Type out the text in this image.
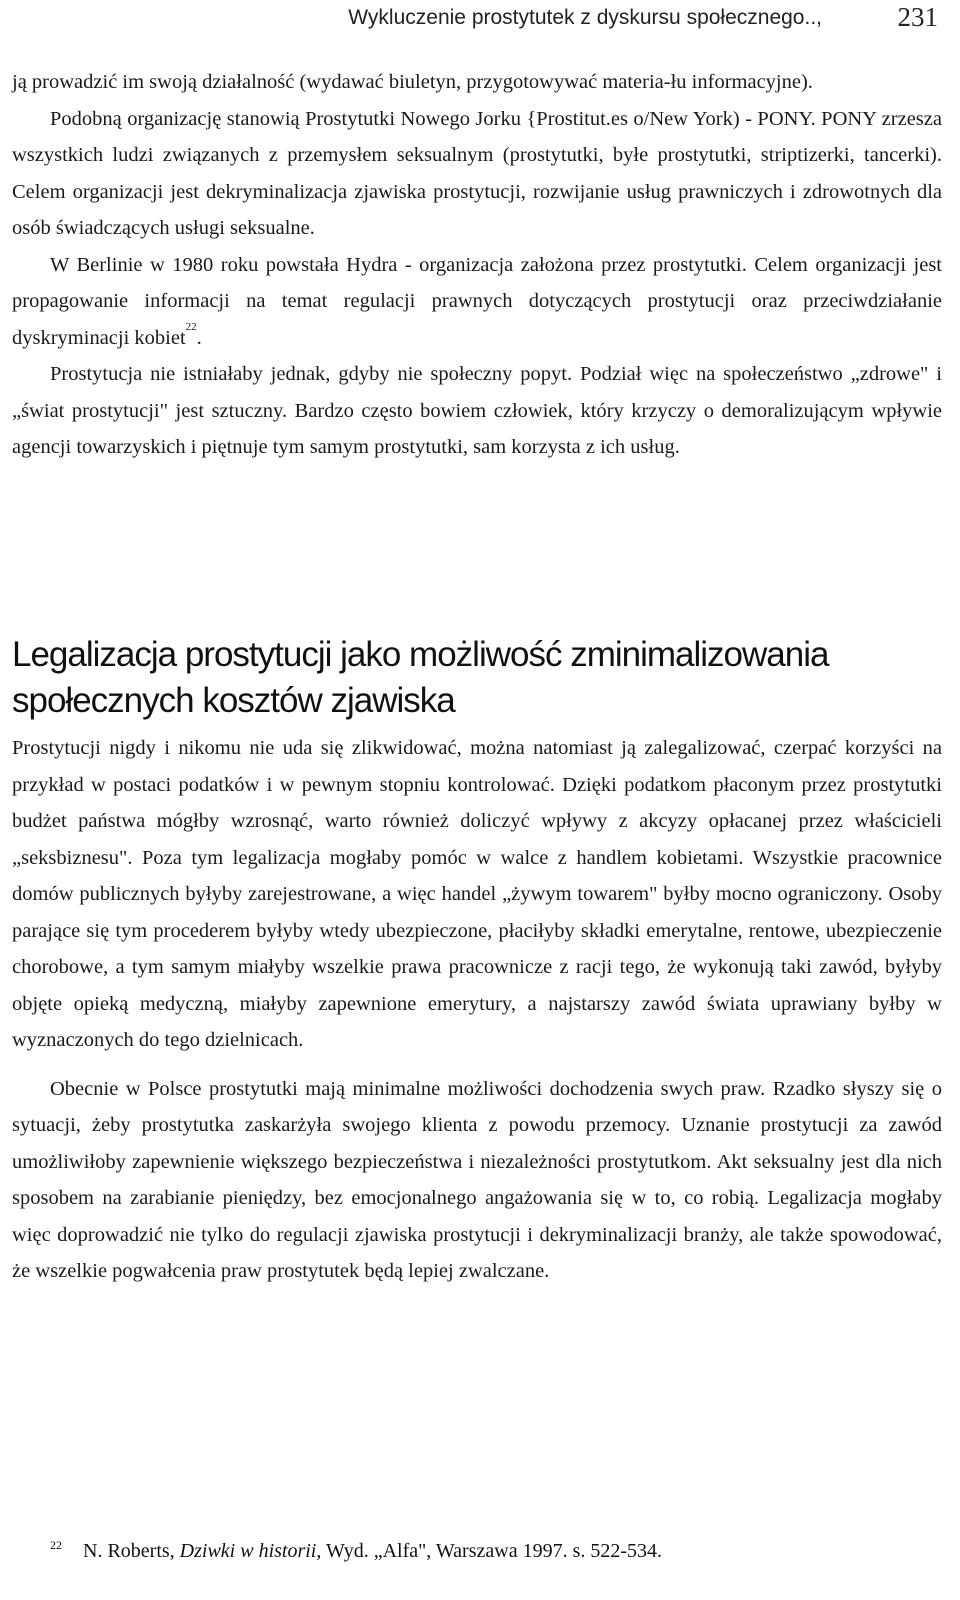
Wykluczenie prostytutek z dyskursu społecznego..,	231

ją prowadzić im swoją działalność (wydawać biuletyn, przygotowywać materia-łu informacyjne).

Podobną organizację stanowią Prostytutki Nowego Jorku {Prostitut.es o/New York) - PONY. PONY zrzesza wszystkich ludzi związanych z przemysłem seksualnym (prostytutki, byłe prostytutki, striptizerki, tancerki). Celem organizacji jest dekryminalizacja zjawiska prostytucji, rozwijanie usług prawniczych i zdrowotnych dla osób świadczących usługi seksualne.

W Berlinie w 1980 roku powstała Hydra - organizacja założona przez prostytutki. Celem organizacji jest propagowanie informacji na temat regulacji prawnych dotyczących prostytucji oraz przeciwdziałanie dyskryminacji kobiet$^{22}$.

Prostytucja nie istniałaby jednak, gdyby nie społeczny popyt. Podział więc na społeczeństwo „zdrowe" i „świat prostytucji" jest sztuczny. Bardzo często bowiem człowiek, który krzyczy o demoralizującym wpływie agencji towarzyskich i piętnuje tym samym prostytutki, sam korzysta z ich usług.

Legalizacja prostytucji jako możliwość zminimalizowania społecznych kosztów zjawiska

Prostytucji nigdy i nikomu nie uda się zlikwidować, można natomiast ją zalegalizować, czerpać korzyści na przykład w postaci podatków i w pewnym stopniu kontrolować. Dzięki podatkom płaconym przez prostytutki budżet państwa mógłby wzrosnąć, warto również doliczyć wpływy z akcyzy opłacanej przez właścicieli „seksbiznesu". Poza tym legalizacja mogłaby pomóc w walce z handlem kobietami. Wszystkie pracownice domów publicznych byłyby zarejestrowane, a więc handel „żywym towarem" byłby mocno ograniczony. Osoby parające się tym procederem byłyby wtedy ubezpieczone, płaciłyby składki emerytalne, rentowe, ubezpieczenie chorobowe, a tym samym miałyby wszelkie prawa pracownicze z racji tego, że wykonują taki zawód, byłyby objęte opieką medyczną, miałyby zapewnione emerytury, a najstarszy zawód świata uprawiany byłby w wyznaczonych do tego dzielnicach.

Obecnie w Polsce prostytutki mają minimalne możliwości dochodzenia swych praw. Rzadko słyszy się o sytuacji, żeby prostytutka zaskarżyła swojego klienta z powodu przemocy. Uznanie prostytucji za zawód umożliwiłoby zapewnienie większego bezpieczeństwa i niezależności prostytutkom. Akt seksualny jest dla nich sposobem na zarabianie pieniędzy, bez emocjonalnego angażowania się w to, co robią. Legalizacja mogłaby więc doprowadzić nie tylko do regulacji zjawiska prostytucji i dekryminalizacji branży, ale także spowodować, że wszelkie pogwałcenia praw prostytutek będą lepiej zwalczane.

$^{22}$ N. Roberts, Dziwki w historii, Wyd. „Alfa", Warszawa 1997. s. 522-534.
